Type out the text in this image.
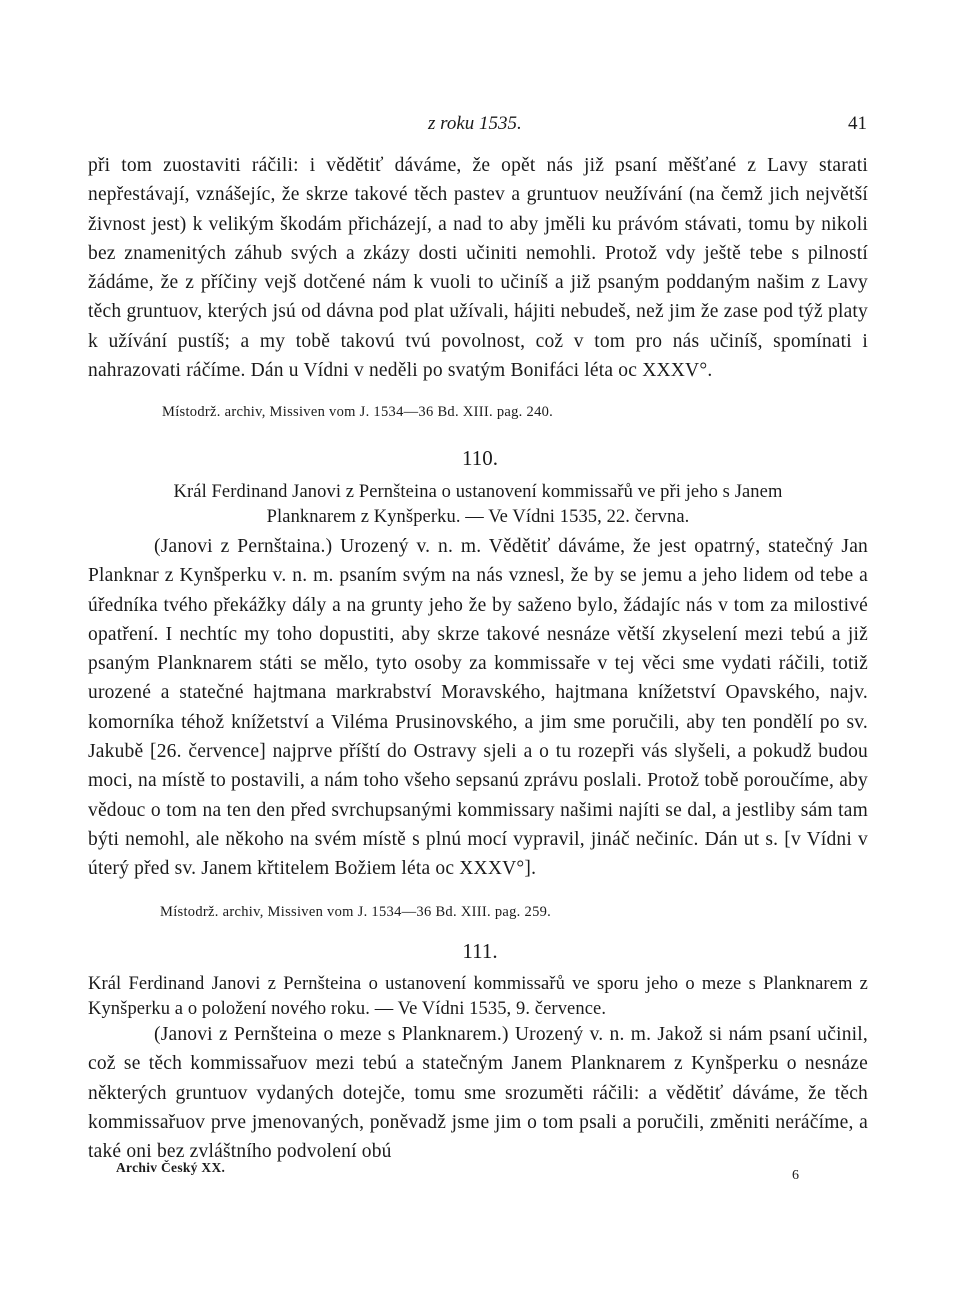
z roku 1535.	41

při tom zuostaviti ráčili: i vědětiť dáváme, že opět nás již psaní měšťané z Lavy starati nepřestávají, vznášejíc, že skrze takové těch pastev a gruntuov neužívání (na čemž jich největší živnost jest) k velikým škodám přicházejí, a nad to aby jměli ku právóm stávati, tomu by nikoli bez znamenitých záhub svých a zkázy dosti učiniti nemohli. Protož vdy ještě tebe s pilností žádáme, že z příčiny vejš dotčené nám k vuoli to učiníš a již psaným poddaným našim z Lavy těch gruntuov, kterých jsú od dávna pod plat užívali, hájiti nebudeš, než jim že zase pod týž platy k užívání pustíš; a my tobě takovú tvú povolnost, což v tom pro nás učiníš, spomínati i nahrazovati ráčíme. Dán u Vídni v neděli po svatým Bonifáci léta oc XXXV°.

Místodrž. archiv, Missiven vom J. 1534—36 Bd. XIII. pag. 240.
110.
Král Ferdinand Janovi z Pernšteina o ustanovení kommissařů ve při jeho s Janem
Planknarem z Kynšperku. — Ve Vídni 1535, 22. června.

(Janovi z Pernštaina.) Urozený v. n. m. Vědětiť dáváme, že jest opatrný, statečný Jan Planknar z Kynšperku v. n. m. psaním svým na nás vznesl, že by se jemu a jeho lidem od tebe a úředníka tvého překážky dály a na grunty jeho že by saženo bylo, žádajíc nás v tom za milostivé opatření. I nechtíc my toho dopustiti, aby skrze takové nesnáze větší zkyselení mezi tebú a již psaným Planknarem státi se mělo, tyto osoby za kommissaře v tej věci sme vydati ráčili, totiž urozené a statečné hajtmana markrabství Moravského, hajtmana knížetství Opavského, najv. komorníka téhož knížetství a Viléma Prusinovského, a jim sme poručili, aby ten pondělí po sv. Jakubě [26. července] najprve příští do Ostravy sjeli a o tu rozepři vás slyšeli, a pokudž budou moci, na místě to postavili, a nám toho všeho sepsanú zprávu poslali. Protož tobě poroučíme, aby vědouc o tom na ten den před svrchupsanými kommissary našimi najíti se dal, a jestliby sám tam býti nemohl, ale někoho na svém místě s plnú mocí vypravil, jináč nečiníc. Dán ut s. [v Vídni v úterý před sv. Janem křtitelem Božiem léta oc XXXV°].

Místodrž. archiv, Missiven vom J. 1534—36 Bd. XIII. pag. 259.
111.
Král Ferdinand Janovi z Pernšteina o ustanovení kommissařů ve sporu jeho o meze s Planknarem z Kynšperku a o položení nového roku. — Ve Vídni 1535, 9. července.

(Janovi z Pernšteina o meze s Planknarem.) Urozený v. n. m. Jakož si nám psaní učinil, což se těch kommissařuov mezi tebú a statečným Janem Planknarem z Kynšperku o nesnáze některých gruntuov vydaných dotejče, tomu sme srozuměti ráčili: a vědětiť dáváme, že těch kommissařuov prve jmenovaných, poněvadž jsme jim o tom psali a poručili, změniti neráčíme, a také oni bez zvláštního podvolení obú

Archiv Český XX.
6
